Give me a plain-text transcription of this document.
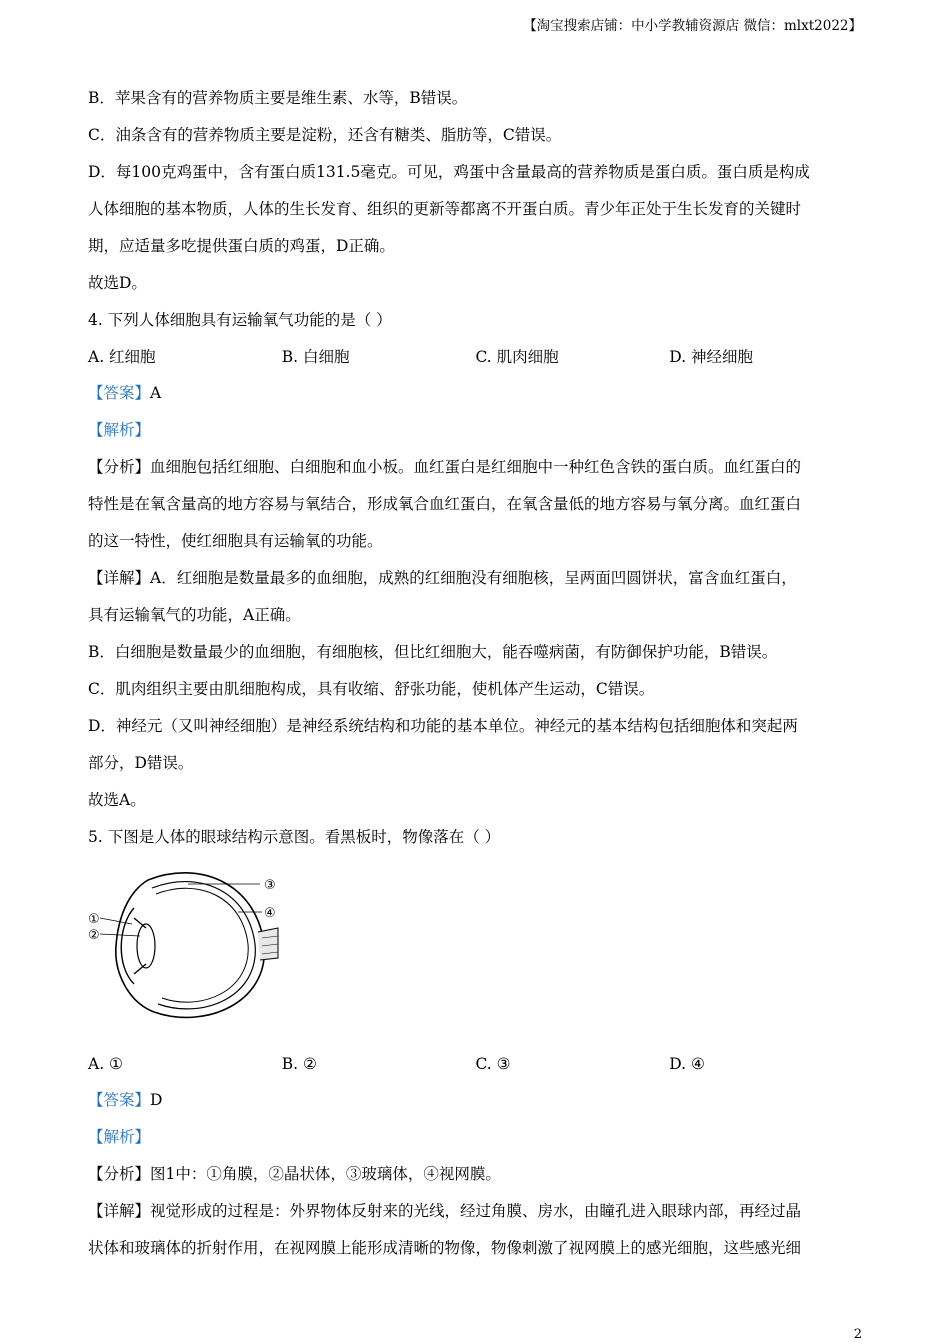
【淘宝搜索店铺：中小学教辅资源店 微信：mlxt2022】

B．苹果含有的营养物质主要是维生素、水等，B错误。

C．油条含有的营养物质主要是淀粉，还含有糖类、脂肪等，C错误。

D．每100克鸡蛋中，含有蛋白质131.5毫克。可见，鸡蛋中含量最高的营养物质是蛋白质。蛋白质是构成

人体细胞的基本物质，人体的生长发育、组织的更新等都离不开蛋白质。青少年正处于生长发育的关键时

期，应适量多吃提供蛋白质的鸡蛋，D正确。

故选D。

4. 下列人体细胞具有运输氧气功能的是（ ）

A. 红细胞	B. 白细胞	C. 肌肉细胞	D. 神经细胞

【答案】A

【解析】

【分析】血细胞包括红细胞、白细胞和血小板。血红蛋白是红细胞中一种红色含铁的蛋白质。血红蛋白的

特性是在氧含量高的地方容易与氧结合，形成氧合血红蛋白，在氧含量低的地方容易与氧分离。血红蛋白

的这一特性，使红细胞具有运输氧的功能。

【详解】A．红细胞是数量最多的血细胞，成熟的红细胞没有细胞核，呈两面凹圆饼状，富含血红蛋白，

具有运输氧气的功能，A正确。

B．白细胞是数量最少的血细胞，有细胞核，但比红细胞大，能吞噬病菌，有防御保护功能，B错误。

C．肌肉组织主要由肌细胞构成，具有收缩、舒张功能，使机体产生运动，C错误。

D．神经元（又叫神经细胞）是神经系统结构和功能的基本单位。神经元的基本结构包括细胞体和突起两

部分，D错误。

故选A。

5. 下图是人体的眼球结构示意图。看黑板时，物像落在（ ）

①
②
③
④
A. ①	B. ②	C. ③	D. ④

【答案】D

【解析】

【分析】图1中：①角膜，②晶状体，③玻璃体，④视网膜。

【详解】视觉形成的过程是：外界物体反射来的光线，经过角膜、房水，由瞳孔进入眼球内部，再经过晶

状体和玻璃体的折射作用，在视网膜上能形成清晰的物像，物像刺激了视网膜上的感光细胞，这些感光细

2
